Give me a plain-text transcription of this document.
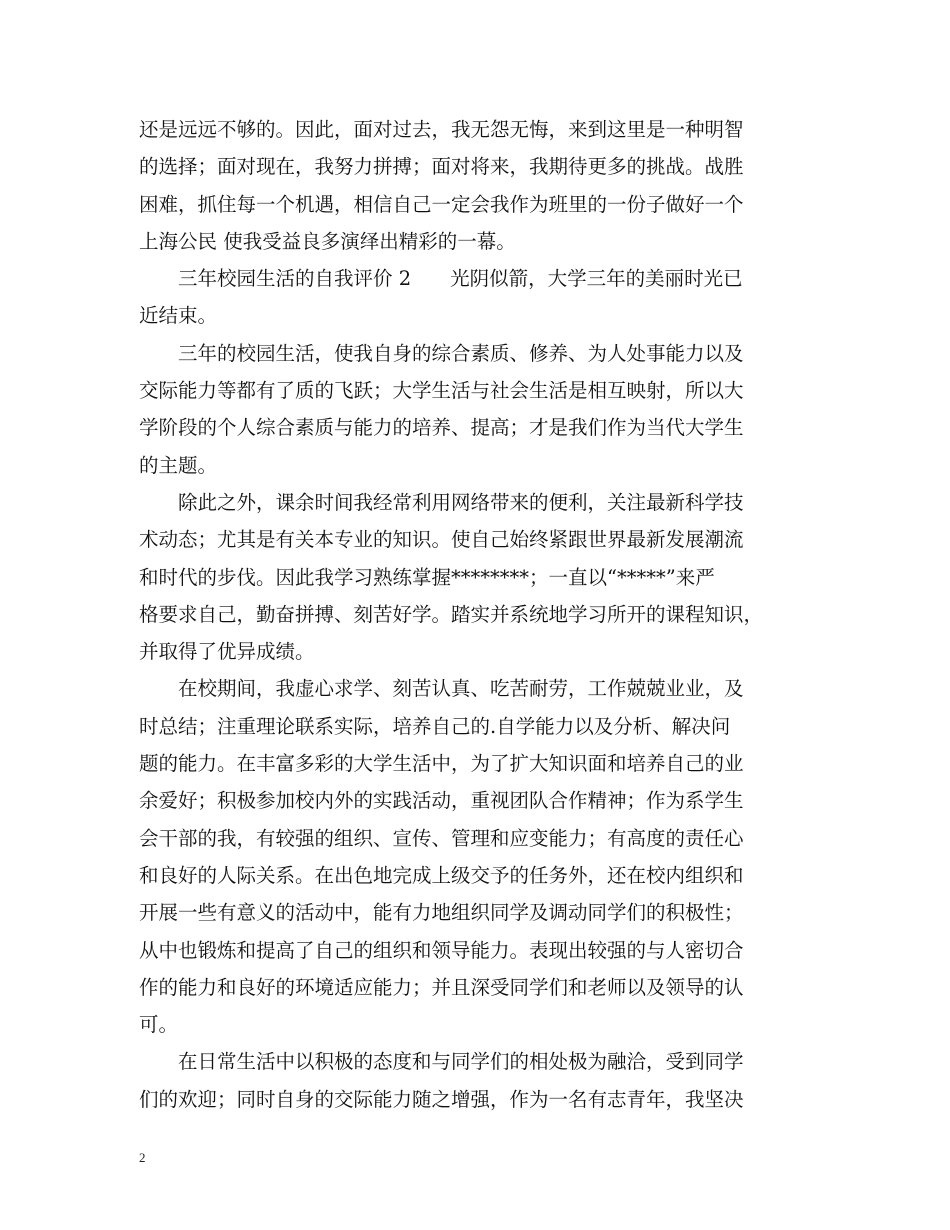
还是远远不够的。因此，面对过去，我无怨无悔，来到这里是一种明智
的选择；面对现在，我努力拼搏；面对将来，我期待更多的挑战。战胜
困难，抓住每一个机遇，相信自己一定会我作为班里的一份子做好一个
上海公民 使我受益良多演绎出精彩的一幕。
　　三年校园生活的自我评价 2　　光阴似箭，大学三年的美丽时光已
近结束。
　　三年的校园生活，使我自身的综合素质、修养、为人处事能力以及
交际能力等都有了质的飞跃；大学生活与社会生活是相互映射，所以大
学阶段的个人综合素质与能力的培养、提高；才是我们作为当代大学生
的主题。
　　除此之外，课余时间我经常利用网络带来的便利，关注最新科学技
术动态；尤其是有关本专业的知识。使自己始终紧跟世界最新发展潮流
和时代的步伐。因此我学习熟练掌握********；一直以“*****”来严
格要求自己，勤奋拼搏、刻苦好学。踏实并系统地学习所开的课程知识，
并取得了优异成绩。
　　在校期间，我虚心求学、刻苦认真、吃苦耐劳，工作兢兢业业，及
时总结；注重理论联系实际，培养自己的.自学能力以及分析、解决问
题的能力。在丰富多彩的大学生活中，为了扩大知识面和培养自己的业
余爱好；积极参加校内外的实践活动，重视团队合作精神；作为系学生
会干部的我，有较强的组织、宣传、管理和应变能力；有高度的责任心
和良好的人际关系。在出色地完成上级交予的任务外，还在校内组织和
开展一些有意义的活动中，能有力地组织同学及调动同学们的积极性；
从中也锻炼和提高了自己的组织和领导能力。表现出较强的与人密切合
作的能力和良好的环境适应能力；并且深受同学们和老师以及领导的认
可。
　　在日常生活中以积极的态度和与同学们的相处极为融洽，受到同学
们的欢迎；同时自身的交际能力随之增强，作为一名有志青年，我坚决
2
